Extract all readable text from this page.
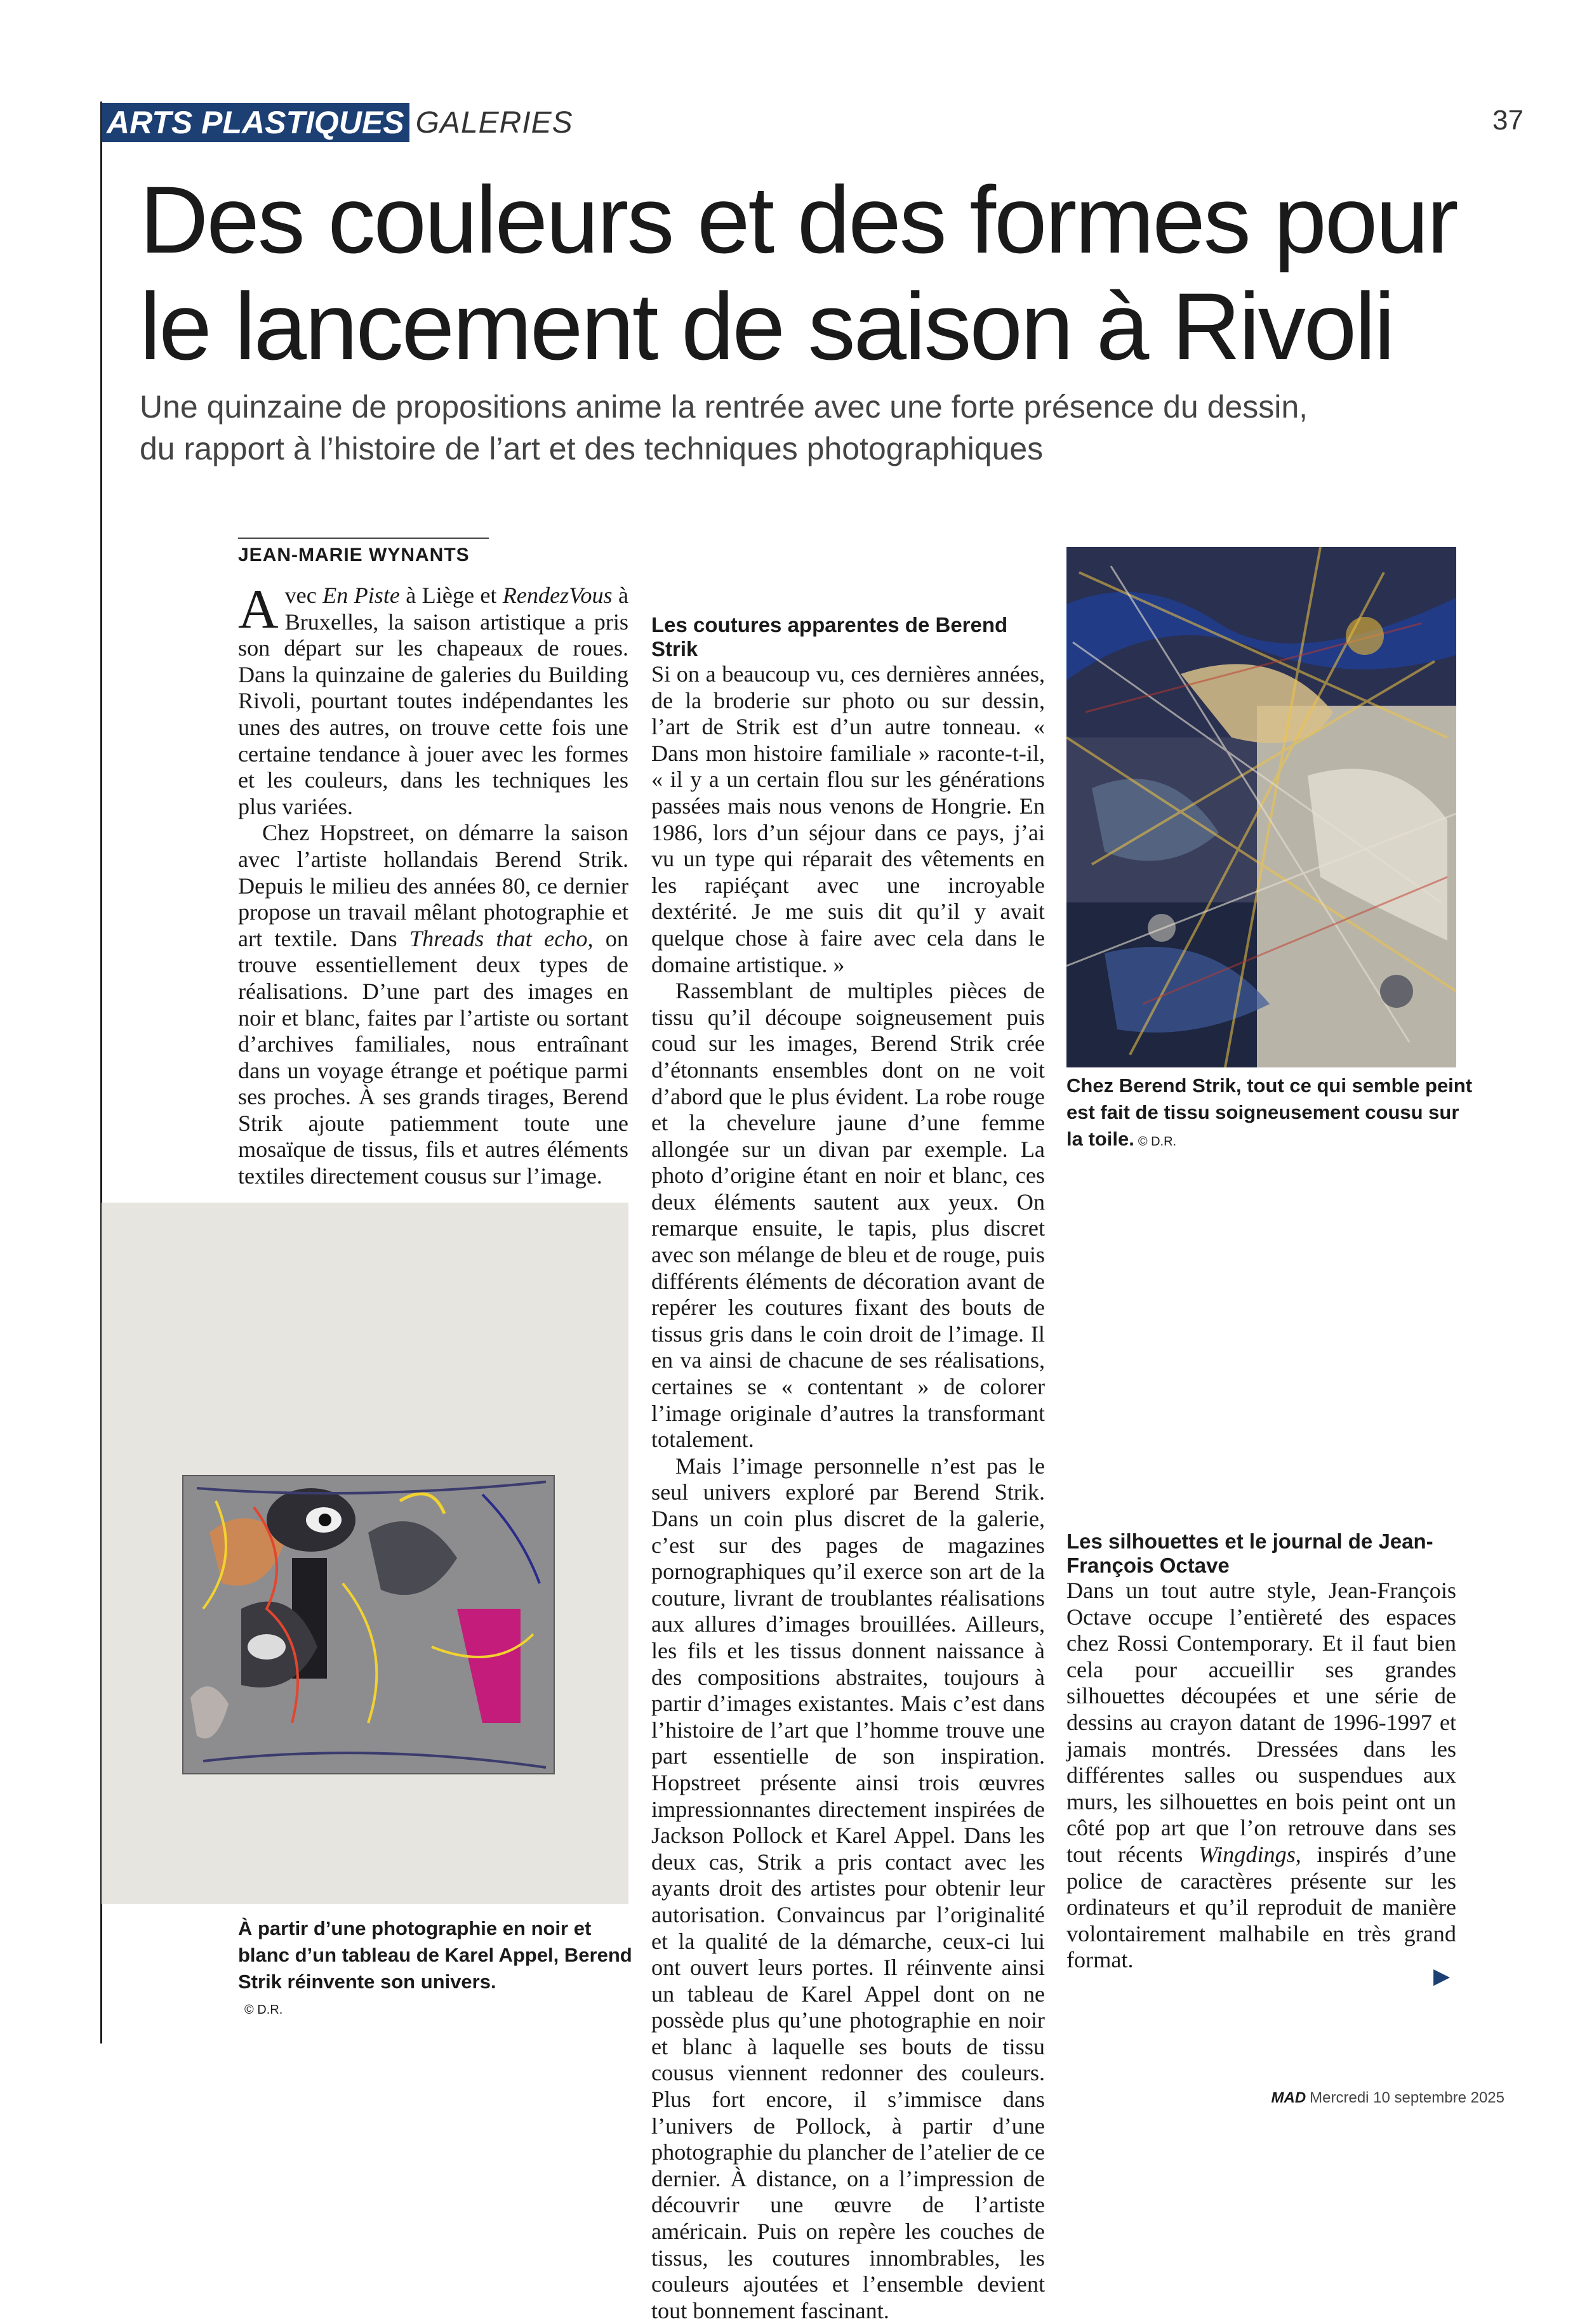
ARTS PLASTIQUES GALERIES	37
Des couleurs et des formes pour
le lancement de saison à Rivoli

Une quinzaine de propositions anime la rentrée avec une forte présence du dessin,
du rapport à l’histoire de l’art et des techniques photographiques

JEAN-MARIE WYNANTS

Avec En Piste à Liège et RendezVous à Bruxelles, la saison artistique a pris son départ sur les chapeaux de roues. Dans la quinzaine de galeries du Building Rivoli, pourtant toutes indépendantes les unes des autres, on trouve cette fois une certaine tendance à jouer avec les formes et les couleurs, dans les techniques les plus variées.

Chez Hopstreet, on démarre la saison avec l’artiste hollandais Berend Strik. Depuis le milieu des années 80, ce dernier propose un travail mêlant photographie et art textile. Dans Threads that echo, on trouve essentiellement deux types de réalisations. D’une part des images en noir et blanc, faites par l’artiste ou sortant d’archives familiales, nous entraînant dans un voyage étrange et poétique parmi ses proches. À ses grands tirages, Berend Strik ajoute patiemment toute une mosaïque de tissus, fils et autres éléments textiles directement cousus sur l’image.

Les coutures apparentes de Berend Strik

Si on a beaucoup vu, ces dernières années, de la broderie sur photo ou sur dessin, l’art de Strik est d’un autre tonneau. « Dans mon histoire familiale » raconte-t-il, « il y a un certain flou sur les générations passées mais nous venons de Hongrie. En 1986, lors d’un séjour dans ce pays, j’ai vu un type qui réparait des vêtements en les rapiéçant avec une incroyable dextérité. Je me suis dit qu’il y avait quelque chose à faire avec cela dans le domaine artistique. »

Rassemblant de multiples pièces de tissu qu’il découpe soigneusement puis coud sur les images, Berend Strik crée d’étonnants ensembles dont on ne voit d’abord que le plus évident. La robe rouge et la chevelure jaune d’une femme allongée sur un divan par exemple. La photo d’origine étant en noir et blanc, ces deux éléments sautent aux yeux. On remarque ensuite, le tapis, plus discret avec son mélange de bleu et de rouge, puis différents éléments de décoration avant de repérer les coutures fixant des bouts de tissus gris dans le coin droit de l’image. Il en va ainsi de chacune de ses réalisations, certaines se « contentant » de colorer l’image originale d’autres la transformant totalement.

Mais l’image personnelle n’est pas le seul univers exploré par Berend Strik. Dans un coin plus discret de la galerie, c’est sur des pages de magazines pornographiques qu’il exerce son art de la couture, livrant de troublantes réalisations aux allures d’images brouillées. Ailleurs, les fils et les tissus donnent naissance à des compositions abstraites, toujours à partir d’images existantes. Mais c’est dans l’histoire de l’art que l’homme trouve une part essentielle de son inspiration. Hopstreet présente ainsi trois œuvres impressionnantes directement inspirées de Jackson Pollock et Karel Appel. Dans les deux cas, Strik a pris contact avec les ayants droit des artistes pour obtenir leur autorisation. Convaincus par l’originalité et la qualité de la démarche, ceux-ci lui ont ouvert leurs portes. Il réinvente ainsi un tableau de Karel Appel dont on ne possède plus qu’une photographie en noir et blanc à laquelle ses bouts de tissu cousus viennent redonner des couleurs. Plus fort encore, il s’immisce dans l’univers de Pollock, à partir d’une photographie du plancher de l’atelier de ce dernier. À distance, on a l’impression de découvrir une œuvre de l’artiste américain. Puis on repère les couches de tissus, les coutures innombrables, les couleurs ajoutées et l’ensemble devient tout bonnement fascinant.

Les silhouettes et le journal de Jean-François Octave

Dans un tout autre style, Jean-François Octave occupe l’entièreté des espaces chez Rossi Contemporary. Et il faut bien cela pour accueillir ses grandes silhouettes découpées et une série de dessins au crayon datant de 1996-1997 et jamais montrés. Dressées dans les différentes salles ou suspendues aux murs, les silhouettes en bois peint ont un côté pop art que l’on retrouve dans ses tout récents Wingdings, inspirés d’une police de caractères présente sur les ordinateurs et qu’il reproduit de manière volontairement malhabile en très grand format.

Chez Berend Strik, tout ce qui semble peint est fait de tissu soigneusement cousu sur la toile. © D.R.

À partir d’une photographie en noir et blanc d’un tableau de Karel Appel, Berend Strik réinvente son univers.

© D.R.
▶
MAD Mercredi 10 septembre 2025
